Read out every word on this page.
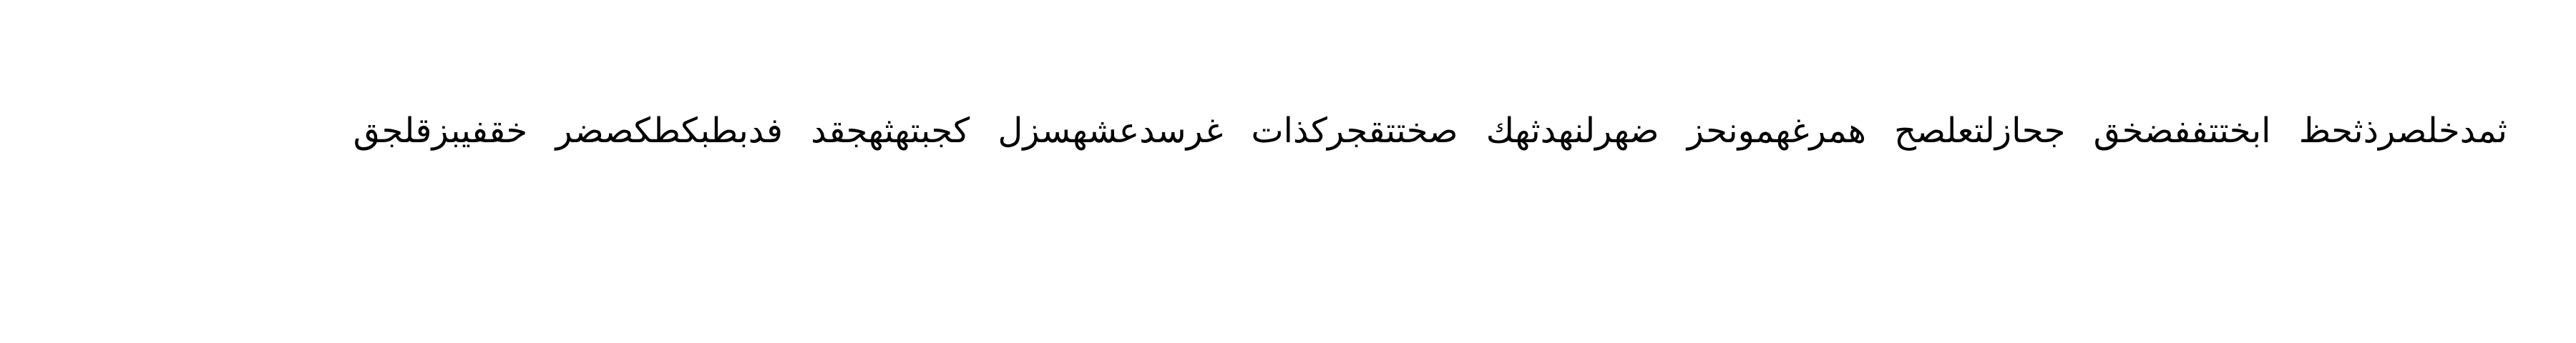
ثمدخلصرذثحظ ابختتففضخق جحازلتعلصح همرغهمونحز ضهرلنهدثهك صختتقجركذات غرسدعشهسزل كجبتهثهجقد فدبطبكطكصضر خقفيبزقلجق
